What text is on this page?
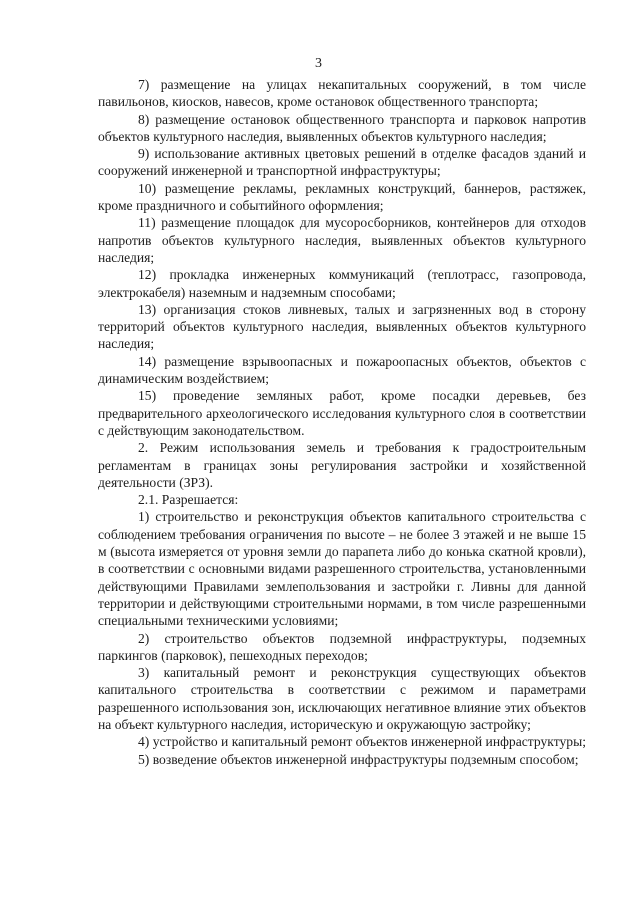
3

7) размещение на улицах некапитальных сооружений, в том числе павильонов, киосков, навесов, кроме остановок общественного транспорта;

8) размещение остановок общественного транспорта и парковок напротив объектов культурного наследия, выявленных объектов культурного наследия;

9) использование активных цветовых решений в отделке фасадов зданий и сооружений инженерной и транспортной инфраструктуры;

10) размещение рекламы, рекламных конструкций, баннеров, растяжек, кроме праздничного и событийного оформления;

11) размещение площадок для мусоросборников, контейнеров для отходов напротив объектов культурного наследия, выявленных объектов культурного наследия;

12) прокладка инженерных коммуникаций (теплотрасс, газопровода, электрокабеля) наземным и надземным способами;

13) организация стоков ливневых, талых и загрязненных вод в сторону территорий объектов культурного наследия, выявленных объектов культурного наследия;

14) размещение взрывоопасных и пожароопасных объектов, объектов с динамическим воздействием;

15) проведение земляных работ, кроме посадки деревьев, без предварительного археологического исследования культурного слоя в соответствии с действующим законодательством.

2. Режим использования земель и требования к градостроительным регламентам в границах зоны регулирования застройки и хозяйственной деятельности (ЗРЗ).

2.1. Разрешается:

1) строительство и реконструкция объектов капитального строительства с соблюдением требования ограничения по высоте – не более 3 этажей и не выше 15 м (высота измеряется от уровня земли до парапета либо до конька скатной кровли), в соответствии с основными видами разрешенного строительства, установленными действующими Правилами землепользования и застройки г. Ливны для данной территории и действующими строительными нормами, в том числе разрешенными специальными техническими условиями;

2) строительство объектов подземной инфраструктуры, подземных паркингов (парковок), пешеходных переходов;

3) капитальный ремонт и реконструкция существующих объектов капитального строительства в соответствии с режимом и параметрами разрешенного использования зон, исключающих негативное влияние этих объектов на объект культурного наследия, историческую и окружающую застройку;

4) устройство и капитальный ремонт объектов инженерной инфраструктуры;

5) возведение объектов инженерной инфраструктуры подземным способом;
